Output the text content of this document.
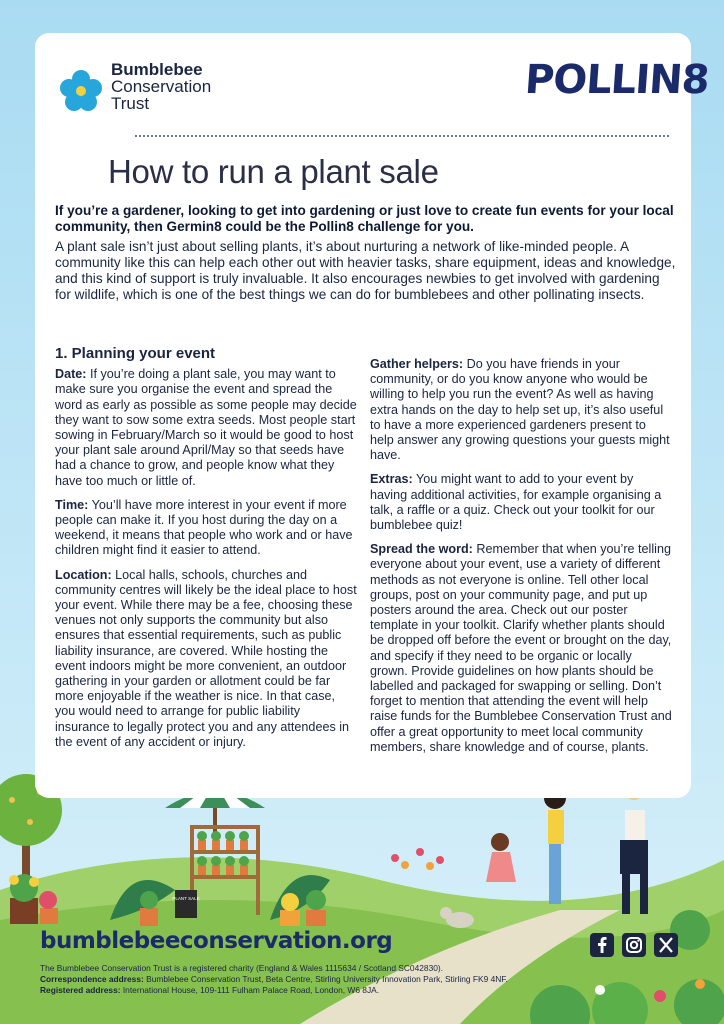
PLANT SALE
Bumblebee
Conservation
Trust
POLLIN8
How to run a plant sale

If you’re a gardener, looking to get into gardening or just love to create fun events for your local community, then Germin8 could be the Pollin8 challenge for you.

A plant sale isn’t just about selling plants, it’s about nurturing a network of like-minded people. A community like this can help each other out with heavier tasks, share equipment, ideas and knowledge, and this kind of support is truly invaluable. It also encourages newbies to get involved with gardening for wildlife, which is one of the best things we can do for bumblebees and other pollinating insects.

1. Planning your event

Date: If you’re doing a plant sale, you may want to make sure you organise the event and spread the word as early as possible as some people may decide they want to sow some extra seeds. Most people start sowing in February/March so it would be good to host your plant sale around April/May so that seeds have had a chance to grow, and people know what they have too much or little of.

Time: You’ll have more interest in your event if more people can make it. If you host during the day on a weekend, it means that people who work and or have children might find it easier to attend.

Location: Local halls, schools, churches and community centres will likely be the ideal place to host your event. While there may be a fee, choosing these venues not only supports the community but also ensures that essential requirements, such as public liability insurance, are covered. While hosting the event indoors might be more convenient, an outdoor gathering in your garden or allotment could be far more enjoyable if the weather is nice. In that case, you would need to arrange for public liability insurance to legally protect you and any attendees in the event of any accident or injury.

Gather helpers: Do you have friends in your community, or do you know anyone who would be willing to help you run the event? As well as having extra hands on the day to help set up, it’s also useful to have a more experienced gardeners present to help answer any growing questions your guests might have.

Extras: You might want to add to your event by having additional activities, for example organising a talk, a raffle or a quiz. Check out your toolkit for our bumblebee quiz!

Spread the word: Remember that when you’re telling everyone about your event, use a variety of different methods as not everyone is online. Tell other local groups, post on your community page, and put up posters around the area. Check out our poster template in your toolkit. Clarify whether plants should be dropped off before the event or brought on the day, and specify if they need to be organic or locally grown. Provide guidelines on how plants should be labelled and packaged for swapping or selling. Don’t forget to mention that attending the event will help raise funds for the Bumblebee Conservation Trust and offer a great opportunity to meet local community members, share knowledge and of course, plants.

bumblebeeconservation.org
The Bumblebee Conservation Trust is a registered charity (England & Wales 1115634 / Scotland SC042830).
Correspondence address: Bumblebee Conservation Trust, Beta Centre, Stirling University Innovation Park, Stirling FK9 4NF.
Registered address: International House, 109-111 Fulham Palace Road, London, W6 8JA.
